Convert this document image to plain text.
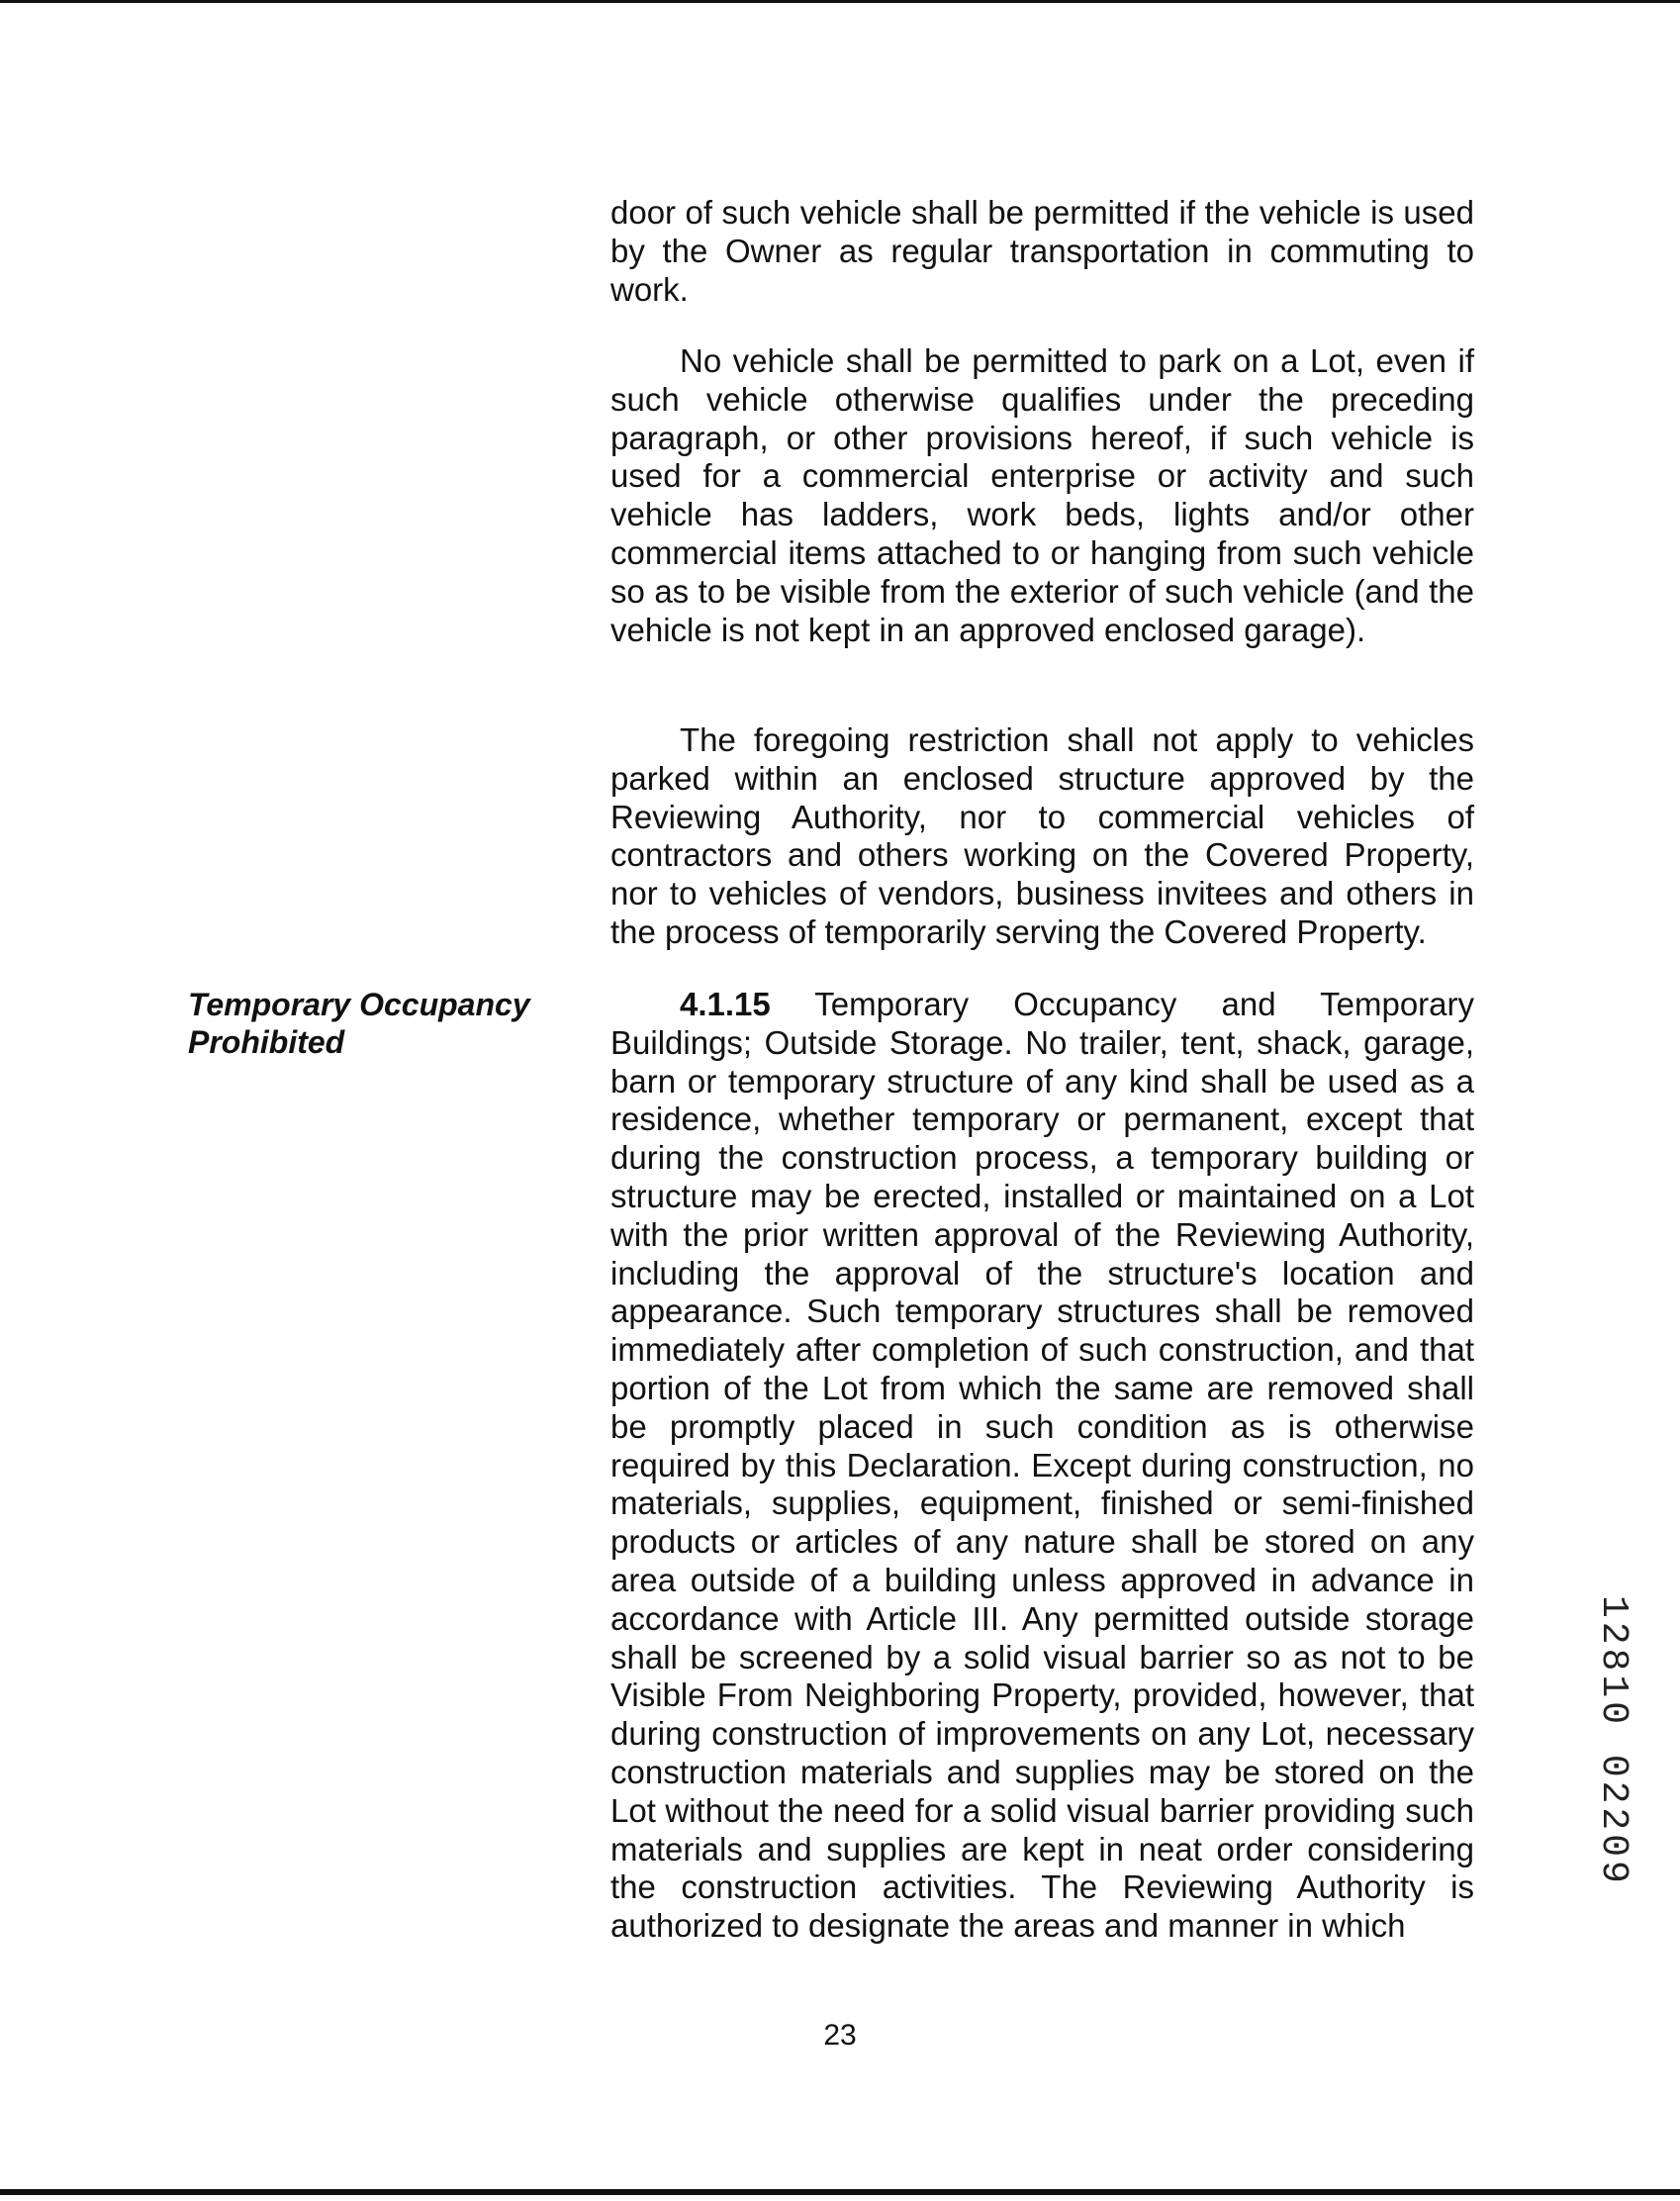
Temporary Occupancy
Prohibited

door of such vehicle shall be permitted if the vehicle is used by the Owner as regular transportation in commuting to work.

No vehicle shall be permitted to park on a Lot, even if such vehicle otherwise qualifies under the preceding paragraph, or other provisions hereof, if such vehicle is used for a commercial enterprise or activity and such vehicle has ladders, work beds, lights and/or other commercial items attached to or hanging from such vehicle so as to be visible from the exterior of such vehicle (and the vehicle is not kept in an approved enclosed garage).

The foregoing restriction shall not apply to vehicles parked within an enclosed structure approved by the Reviewing Authority, nor to commercial vehicles of contractors and others working on the Covered Property, nor to vehicles of vendors, business invitees and others in the process of temporarily serving the Covered Property.

4.1.15 Temporary Occupancy and Temporary Buildings; Outside Storage. No trailer, tent, shack, garage, barn or temporary structure of any kind shall be used as a residence, whether temporary or permanent, except that during the construction process, a temporary building or structure may be erected, installed or maintained on a Lot with the prior written approval of the Reviewing Authority, including the approval of the structure's location and appearance. Such temporary structures shall be removed immediately after completion of such construction, and that portion of the Lot from which the same are removed shall be promptly placed in such condition as is otherwise required by this Declaration. Except during construction, no materials, supplies, equipment, finished or semi-finished products or articles of any nature shall be stored on any area outside of a building unless approved in advance in accordance with Article III. Any permitted outside storage shall be screened by a solid visual barrier so as not to be Visible From Neighboring Property, provided, however, that during construction of improvements on any Lot, necessary construction materials and supplies may be stored on the Lot without the need for a solid visual barrier providing such materials and supplies are kept in neat order considering the construction activities. The Reviewing Authority is authorized to designate the areas and manner in which

23
12810 02209
